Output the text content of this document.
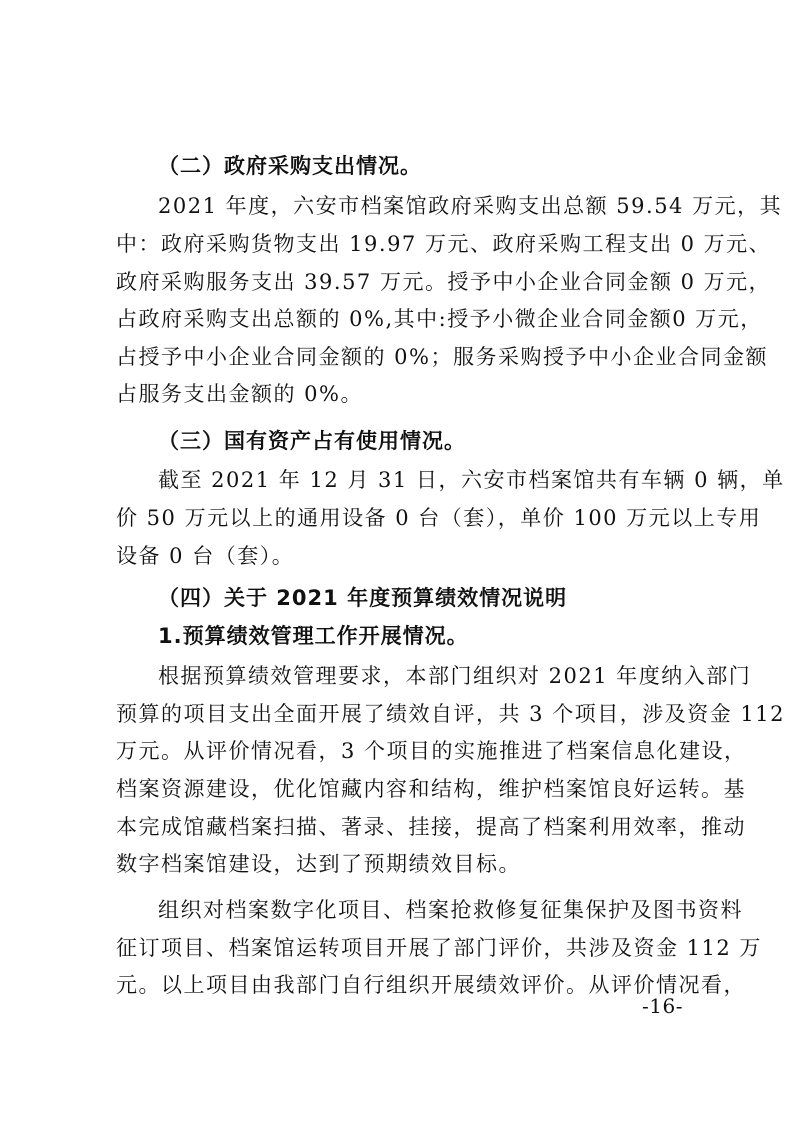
（二）政府采购支出情况。
2021 年度，六安市档案馆政府采购支出总额 59.54 万元，其
中：政府采购货物支出 19.97 万元、政府采购工程支出 0 万元、
政府采购服务支出 39.57 万元。授予中小企业合同金额 0 万元，
占政府采购支出总额的 0%,其中:授予小微企业合同金额0 万元，
占授予中小企业合同金额的 0%；服务采购授予中小企业合同金额
占服务支出金额的 0%。
（三）国有资产占有使用情况。
截至 2021 年 12 月 31 日，六安市档案馆共有车辆 0 辆，单
价 50 万元以上的通用设备 0 台（套），单价 100 万元以上专用
设备 0 台（套）。
（四）关于 2021 年度预算绩效情况说明
1.预算绩效管理工作开展情况。
根据预算绩效管理要求，本部门组织对 2021 年度纳入部门
预算的项目支出全面开展了绩效自评，共 3 个项目，涉及资金 112
万元。从评价情况看，3 个项目的实施推进了档案信息化建设，
档案资源建设，优化馆藏内容和结构，维护档案馆良好运转。基
本完成馆藏档案扫描、著录、挂接，提高了档案利用效率，推动
数字档案馆建设，达到了预期绩效目标。
组织对档案数字化项目、档案抢救修复征集保护及图书资料
征订项目、档案馆运转项目开展了部门评价，共涉及资金 112 万
元。以上项目由我部门自行组织开展绩效评价。从评价情况看，
-16-
